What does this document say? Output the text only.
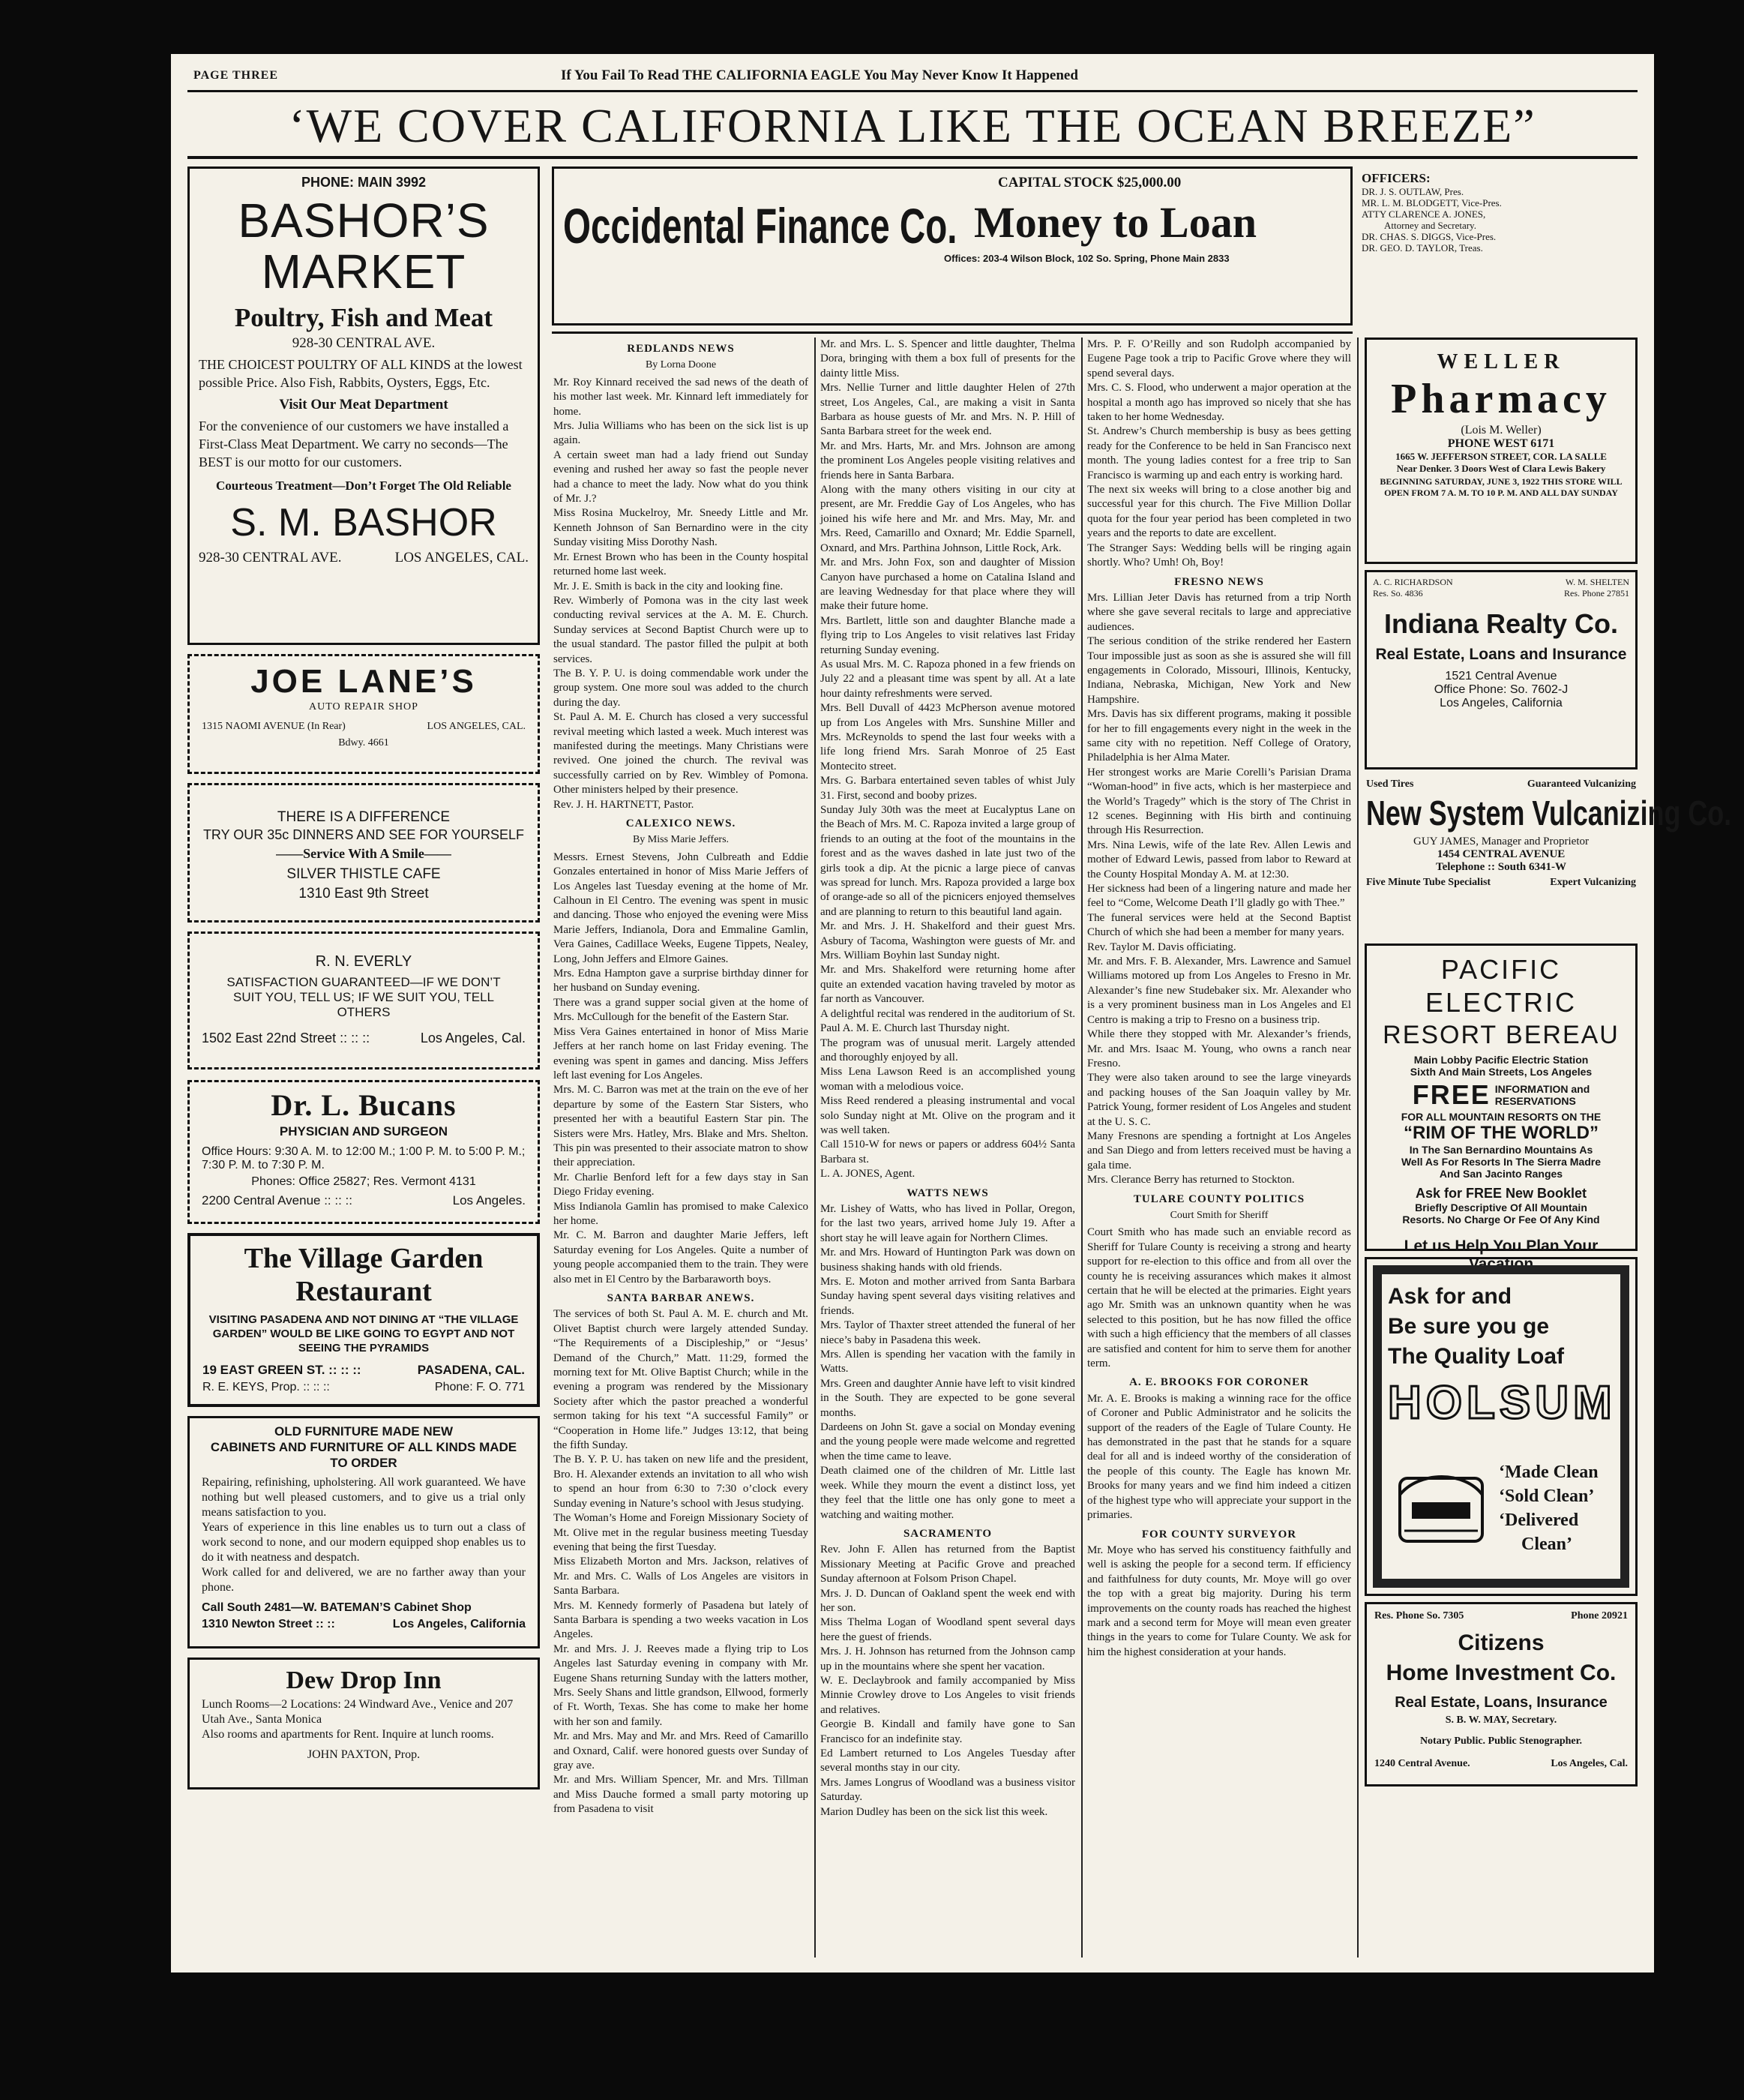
PAGE THREE	If You Fail To Read THE CALIFORNIA EAGLE You May Never Know It Happened
‘WE COVER CALIFORNIA LIKE THE OCEAN BREEZE”

PHONE: MAIN 3992

BASHOR’S

MARKET

Poultry, Fish and Meat

928-30 CENTRAL AVE.

THE CHOICEST POULTRY OF ALL KINDS at the lowest possible Price. Also Fish, Rabbits, Oysters, Eggs, Etc.

Visit Our Meat Department

For the convenience of our customers we have installed a First-Class Meat Department. We carry no seconds—The BEST is our motto for our customers.

Courteous Treatment—Don’t Forget The Old Reliable

S. M. BASHOR

928-30 CENTRAL AVE.	LOS ANGELES, CAL.

JOE LANE’S

AUTO REPAIR SHOP

1315 NAOMI AVENUE (In Rear)	LOS ANGELES, CAL.

Bdwy. 4661

THERE IS A DIFFERENCE

TRY OUR 35c DINNERS AND SEE FOR YOURSELF

——Service With A Smile——

SILVER THISTLE CAFE

1310 East 9th Street

R. N. EVERLY

SATISFACTION GUARANTEED—IF WE DON’T SUIT YOU, TELL US; IF WE SUIT YOU, TELL OTHERS

1502 East 22nd Street :: :: ::	Los Angeles, Cal.

Dr. L. Bucans

PHYSICIAN AND SURGEON

Office Hours: 9:30 A. M. to 12:00 M.; 1:00 P. M. to 5:00 P. M.; 7:30 P. M. to 7:30 P. M.

Phones: Office 25827; Res. Vermont 4131

2200 Central Avenue :: :: ::	Los Angeles.

The Village Garden

Restaurant

VISITING PASADENA AND NOT DINING AT “THE VILLAGE GARDEN” WOULD BE LIKE GOING TO EGYPT AND NOT SEEING THE PYRAMIDS

19 EAST GREEN ST. :: :: ::	PASADENA, CAL.
R. E. KEYS, Prop. :: :: ::	Phone: F. O. 771

OLD FURNITURE MADE NEW

CABINETS AND FURNITURE OF ALL KINDS MADE TO ORDER

Repairing, refinishing, upholstering. All work guaranteed. We have nothing but well pleased customers, and to give us a trial only means satisfaction to you.
Years of experience in this line enables us to turn out a class of work second to none, and our modern equipped shop enables us to do it with neatness and despatch.
Work called for and delivered, we are no farther away than your phone.

Call South 2481—W. BATEMAN’S Cabinet Shop

1310 Newton Street :: ::	Los Angeles, California

Dew Drop Inn

Lunch Rooms—2 Locations: 24 Windward Ave., Venice and 207 Utah Ave., Santa Monica

Also rooms and apartments for Rent. Inquire at lunch rooms.

JOHN PAXTON, Prop.

Occidental Finance Co.
CAPITAL STOCK $25,000.00
Money to Loan
Offices: 203-4 Wilson Block, 102 So. Spring, Phone Main 2833

OFFICERS:

DR. J. S. OUTLAW, Pres.

MR. L. M. BLODGETT, Vice-Pres.

ATTY CLARENCE A. JONES,

Attorney and Secretary.

DR. CHAS. S. DIGGS, Vice-Pres.

DR. GEO. D. TAYLOR, Treas.

REDLANDS NEWS

By Lorna Doone

Mr. Roy Kinnard received the sad news of the death of his mother last week. Mr. Kinnard left immediately for home.
Mrs. Julia Williams who has been on the sick list is up again.
A certain sweet man had a lady friend out Sunday evening and rushed her away so fast the people never had a chance to meet the lady. Now what do you think of Mr. J.?
Miss Rosina Muckelroy, Mr. Sneedy Little and Mr. Kenneth Johnson of San Bernardino were in the city Sunday visiting Miss Dorothy Nash.
Mr. Ernest Brown who has been in the County hospital returned home last week.
Mr. J. E. Smith is back in the city and looking fine.
Rev. Wimberly of Pomona was in the city last week conducting revival services at the A. M. E. Church. Sunday services at Second Baptist Church were up to the usual standard. The pastor filled the pulpit at both services.
The B. Y. P. U. is doing commendable work under the group system. One more soul was added to the church during the day.
St. Paul A. M. E. Church has closed a very successful revival meeting which lasted a week. Much interest was manifested during the meetings. Many Christians were revived. One joined the church. The revival was successfully carried on by Rev. Wimbley of Pomona. Other ministers helped by their presence.
Rev. J. H. HARTNETT, Pastor.

CALEXICO NEWS.

By Miss Marie Jeffers.

Messrs. Ernest Stevens, John Culbreath and Eddie Gonzales entertained in honor of Miss Marie Jeffers of Los Angeles last Tuesday evening at the home of Mr. Calhoun in El Centro. The evening was spent in music and dancing. Those who enjoyed the evening were Miss Marie Jeffers, Indianola, Dora and Emmaline Gamlin, Vera Gaines, Cadillace Weeks, Eugene Tippets, Nealey, Long, John Jeffers and Elmore Gaines.
Mrs. Edna Hampton gave a surprise birthday dinner for her husband on Sunday evening.
There was a grand supper social given at the home of Mrs. McCullough for the benefit of the Eastern Star.
Miss Vera Gaines entertained in honor of Miss Marie Jeffers at her ranch home on last Friday evening. The evening was spent in games and dancing. Miss Jeffers left last evening for Los Angeles.
Mrs. M. C. Barron was met at the train on the eve of her departure by some of the Eastern Star Sisters, who presented her with a beautiful Eastern Star pin. The Sisters were Mrs. Hatley, Mrs. Blake and Mrs. Shelton. This pin was presented to their associate matron to show their appreciation.
Mr. Charlie Benford left for a few days stay in San Diego Friday evening.
Miss Indianola Gamlin has promised to make Calexico her home.
Mr. C. M. Barron and daughter Marie Jeffers, left Saturday evening for Los Angeles. Quite a number of young people accompanied them to the train. They were also met in El Centro by the Barbaraworth boys.

SANTA BARBAR ANEWS.

The services of both St. Paul A. M. E. church and Mt. Olivet Baptist church were largely attended Sunday. “The Requirements of a Discipleship,” or “Jesus’ Demand of the Church,” Matt. 11:29, formed the morning text for Mt. Olive Baptist Church; while in the evening a program was rendered by the Missionary Society after which the pastor preached a wonderful sermon taking for his text “A successful Family” or “Cooperation in Home life.” Judges 13:12, that being the fifth Sunday.
The B. Y. P. U. has taken on new life and the president, Bro. H. Alexander extends an invitation to all who wish to spend an hour from 6:30 to 7:30 o’clock every Sunday evening in Nature’s school with Jesus studying.
The Woman’s Home and Foreign Missionary Society of Mt. Olive met in the regular business meeting Tuesday evening that being the first Tuesday.
Miss Elizabeth Morton and Mrs. Jackson, relatives of Mr. and Mrs. C. Walls of Los Angeles are visitors in Santa Barbara.
Mrs. M. Kennedy formerly of Pasadena but lately of Santa Barbara is spending a two weeks vacation in Los Angeles.
Mr. and Mrs. J. J. Reeves made a flying trip to Los Angeles last Saturday evening in company with Mr. Eugene Shans returning Sunday with the latters mother, Mrs. Seely Shans and little grandson, Ellwood, formerly of Ft. Worth, Texas. She has come to make her home with her son and family.
Mr. and Mrs. May and Mr. and Mrs. Reed of Camarillo and Oxnard, Calif. were honored guests over Sunday of gray ave.
Mr. and Mrs. William Spencer, Mr. and Mrs. Tillman and Miss Dauche formed a small party motoring up from Pasadena to visit

Mr. and Mrs. L. S. Spencer and little daughter, Thelma Dora, bringing with them a box full of presents for the dainty little Miss.
Mrs. Nellie Turner and little daughter Helen of 27th street, Los Angeles, Cal., are making a visit in Santa Barbara as house guests of Mr. and Mrs. N. P. Hill of Santa Barbara street for the week end.
Mr. and Mrs. Harts, Mr. and Mrs. Johnson are among the prominent Los Angeles people visiting relatives and friends here in Santa Barbara.
Along with the many others visiting in our city at present, are Mr. Freddie Gay of Los Angeles, who has joined his wife here and Mr. and Mrs. May, Mr. and Mrs. Reed, Camarillo and Oxnard; Mr. Eddie Sparnell, Oxnard, and Mrs. Parthina Johnson, Little Rock, Ark.
Mr. and Mrs. John Fox, son and daughter of Mission Canyon have purchased a home on Catalina Island and are leaving Wednesday for that place where they will make their future home.
Mrs. Bartlett, little son and daughter Blanche made a flying trip to Los Angeles to visit relatives last Friday returning Sunday evening.
As usual Mrs. M. C. Rapoza phoned in a few friends on July 22 and a pleasant time was spent by all. At a late hour dainty refreshments were served.
Mrs. Bell Duvall of 4423 McPherson avenue motored up from Los Angeles with Mrs. Sunshine Miller and Mrs. McReynolds to spend the last four weeks with a life long friend Mrs. Sarah Monroe of 25 East Montecito street.
Mrs. G. Barbara entertained seven tables of whist July 31. First, second and booby prizes.
Sunday July 30th was the meet at Eucalyptus Lane on the Beach of Mrs. M. C. Rapoza invited a large group of friends to an outing at the foot of the mountains in the forest and as the waves dashed in late just two of the girls took a dip. At the picnic a large piece of canvas was spread for lunch. Mrs. Rapoza provided a large box of orange-ade so all of the picnicers enjoyed themselves and are planning to return to this beautiful land again.
Mr. and Mrs. J. H. Shakelford and their guest Mrs. Asbury of Tacoma, Washington were guests of Mr. and Mrs. William Boyhin last Sunday night.
Mr. and Mrs. Shakelford were returning home after quite an extended vacation having traveled by motor as far north as Vancouver.
A delightful recital was rendered in the auditorium of St. Paul A. M. E. Church last Thursday night.
The program was of unusual merit. Largely attended and thoroughly enjoyed by all.
Miss Lena Lawson Reed is an accomplished young woman with a melodious voice.
Miss Reed rendered a pleasing instrumental and vocal solo Sunday night at Mt. Olive on the program and it was well taken.
Call 1510-W for news or papers or address 604½ Santa Barbara st.
L. A. JONES, Agent.

WATTS NEWS

Mr. Lishey of Watts, who has lived in Pollar, Oregon, for the last two years, arrived home July 19. After a short stay he will leave again for Northern Climes.
Mr. and Mrs. Howard of Huntington Park was down on business shaking hands with old friends.
Mrs. E. Moton and mother arrived from Santa Barbara Sunday having spent several days visiting relatives and friends.
Mrs. Taylor of Thaxter street attended the funeral of her niece’s baby in Pasadena this week.
Mrs. Allen is spending her vacation with the family in Watts.
Mrs. Green and daughter Annie have left to visit kindred in the South. They are expected to be gone several months.
Dardeens on John St. gave a social on Monday evening and the young people were made welcome and regretted when the time came to leave.
Death claimed one of the children of Mr. Little last week. While they mourn the event a distinct loss, yet they feel that the little one has only gone to meet a watching and waiting mother.

SACRAMENTO

Rev. John F. Allen has returned from the Baptist Missionary Meeting at Pacific Grove and preached Sunday afternoon at Folsom Prison Chapel.
Mrs. J. D. Duncan of Oakland spent the week end with her son.
Miss Thelma Logan of Woodland spent several days here the guest of friends.
Mrs. J. H. Johnson has returned from the Johnson camp up in the mountains where she spent her vacation.
W. E. Declaybrook and family accompanied by Miss Minnie Crowley drove to Los Angeles to visit friends and relatives.
Georgie B. Kindall and family have gone to San Francisco for an indefinite stay.
Ed Lambert returned to Los Angeles Tuesday after several months stay in our city.
Mrs. James Longrus of Woodland was a business visitor Saturday.
Marion Dudley has been on the sick list this week.

Mrs. P. F. O’Reilly and son Rudolph accompanied by Eugene Page took a trip to Pacific Grove where they will spend several days.
Mrs. C. S. Flood, who underwent a major operation at the hospital a month ago has improved so nicely that she has taken to her home Wednesday.
St. Andrew’s Church membership is busy as bees getting ready for the Conference to be held in San Francisco next month. The young ladies contest for a free trip to San Francisco is warming up and each entry is working hard.
The next six weeks will bring to a close another big and successful year for this church. The Five Million Dollar quota for the four year period has been completed in two years and the reports to date are excellent.
The Stranger Says: Wedding bells will be ringing again shortly. Who? Umh! Oh, Boy!

FRESNO NEWS

Mrs. Lillian Jeter Davis has returned from a trip North where she gave several recitals to large and appreciative audiences.
The serious condition of the strike rendered her Eastern Tour impossible just as soon as she is assured she will fill engagements in Colorado, Missouri, Illinois, Kentucky, Indiana, Nebraska, Michigan, New York and New Hampshire.
Mrs. Davis has six different programs, making it possible for her to fill engagements every night in the week in the same city with no repetition. Neff College of Oratory, Philadelphia is her Alma Mater.
Her strongest works are Marie Corelli’s Parisian Drama “Woman-hood” in five acts, which is her masterpiece and the World’s Tragedy” which is the story of The Christ in 12 scenes. Beginning with His birth and continuing through His Resurrection.
Mrs. Nina Lewis, wife of the late Rev. Allen Lewis and mother of Edward Lewis, passed from labor to Reward at the County Hospital Monday A. M. at 12:30.
Her sickness had been of a lingering nature and made her feel to “Come, Welcome Death I’ll gladly go with Thee.”
The funeral services were held at the Second Baptist Church of which she had been a member for many years.
Rev. Taylor M. Davis officiating.
Mr. and Mrs. F. B. Alexander, Mrs. Lawrence and Samuel Williams motored up from Los Angeles to Fresno in Mr. Alexander’s fine new Studebaker six. Mr. Alexander who is a very prominent business man in Los Angeles and El Centro is making a trip to Fresno on a business trip.
While there they stopped with Mr. Alexander’s friends, Mr. and Mrs. Isaac M. Young, who owns a ranch near Fresno.
They were also taken around to see the large vineyards and packing houses of the San Joaquin valley by Mr. Patrick Young, former resident of Los Angeles and student at the U. S. C.
Many Fresnons are spending a fortnight at Los Angeles and San Diego and from letters received must be having a gala time.
Mrs. Clerance Berry has returned to Stockton.

TULARE COUNTY POLITICS

Court Smith for Sheriff

Court Smith who has made such an enviable record as Sheriff for Tulare County is receiving a strong and hearty support for re-election to this office and from all over the county he is receiving assurances which makes it almost certain that he will be elected at the primaries. Eight years ago Mr. Smith was an unknown quantity when he was selected to this position, but he has now filled the office with such a high efficiency that the members of all classes are satisfied and content for him to serve them for another term.

A. E. BROOKS FOR CORONER

Mr. A. E. Brooks is making a winning race for the office of Coroner and Public Administrator and he solicits the support of the readers of the Eagle of Tulare County. He has demonstrated in the past that he stands for a square deal for all and is indeed worthy of the consideration of the people of this county. The Eagle has known Mr. Brooks for many years and we find him indeed a citizen of the highest type who will appreciate your support in the primaries.

FOR COUNTY SURVEYOR

Mr. Moye who has served his constituency faithfully and well is asking the people for a second term. If efficiency and faithfulness for duty counts, Mr. Moye will go over the top with a great big majority. During his term improvements on the county roads has reached the highest mark and a second term for Moye will mean even greater things in the years to come for Tulare County. We ask for him the highest consideration at your hands.

WELLER

Pharmacy

(Lois M. Weller)

PHONE WEST 6171

1665 W. JEFFERSON STREET, COR. LA SALLE

Near Denker. 3 Doors West of Clara Lewis Bakery

BEGINNING SATURDAY, JUNE 3, 1922 THIS STORE WILL

OPEN FROM 7 A. M. TO 10 P. M. AND ALL DAY SUNDAY

A. C. RICHARDSON	W. M. SHELTEN
Res. So. 4836	Res. Phone 27851

Indiana Realty Co.

Real Estate, Loans and Insurance

1521 Central Avenue

Office Phone: So. 7602-J

Los Angeles, California

Used Tires	Guaranteed Vulcanizing

New System Vulcanizing Co.

GUY JAMES, Manager and Proprietor

1454 CENTRAL AVENUE

Telephone :: South 6341-W

Five Minute Tube Specialist	Expert Vulcanizing

PACIFIC ELECTRIC

RESORT BEREAU

Main Lobby Pacific Electric Station

Sixth And Main Streets, Los Angeles

FREE INFORMATION and
RESERVATIONS

FOR ALL MOUNTAIN RESORTS ON THE

“RIM OF THE WORLD”

In The San Bernardino Mountains As

Well As For Resorts In The Sierra Madre

And San Jacinto Ranges

Ask for FREE New Booklet

Briefly Descriptive Of All Mountain

Resorts. No Charge Or Fee Of Any Kind

Let us Help You Plan Your Vacation

Ask for and

Be sure you ge

The Quality Loaf

HOLSUM

‘Made Clean

‘Sold Clean’

‘Delivered

Clean’

Res. Phone So. 7305	Phone 20921

Citizens

Home Investment Co.

Real Estate, Loans, Insurance

S. B. W. MAY, Secretary.

Notary Public. Public Stenographer.

1240 Central Avenue.	Los Angeles, Cal.
